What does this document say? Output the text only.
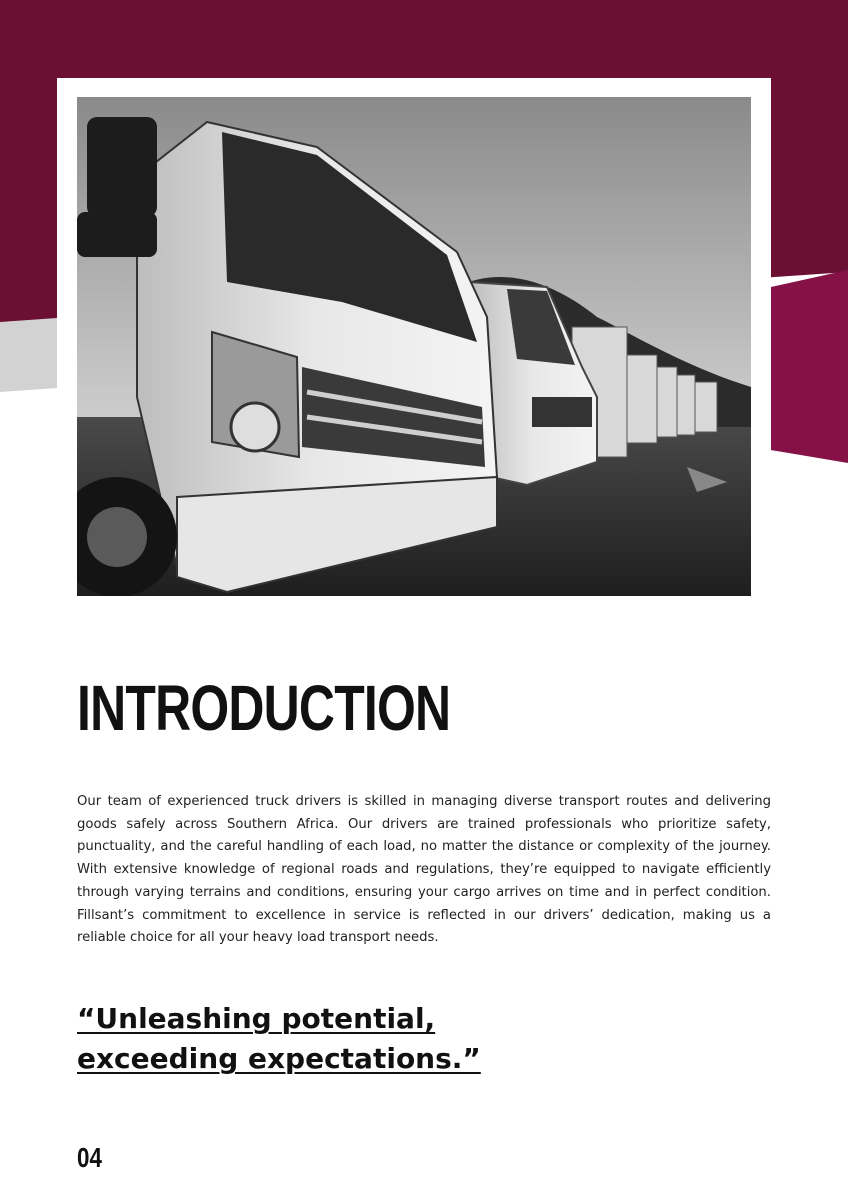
INTRODUCTION

Our team of experienced truck drivers is skilled in managing diverse transport routes and delivering goods safely across Southern Africa. Our drivers are trained professionals who prioritize safety, punctuality, and the careful handling of each load, no matter the distance or complexity of the journey. With extensive knowledge of regional roads and regulations, they’re equipped to navigate efficiently through varying terrains and conditions, ensuring your cargo arrives on time and in perfect condition. Fillsant’s commitment to excellence in service is reflected in our drivers’ dedication, making us a reliable choice for all your heavy load transport needs.

“Unleashing potential,
exceeding expectations.”
04
